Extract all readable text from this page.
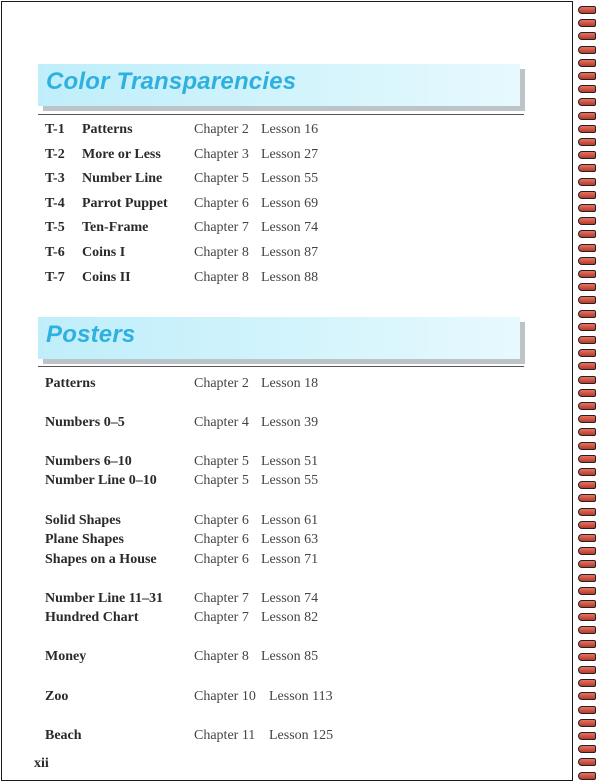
Color Transparencies
T-1 Patterns	Chapter 2 Lesson 16
T-2 More or Less Chapter 3 Lesson 27
T-3 Number Line Chapter 5 Lesson 55
T-4 Parrot Puppet Chapter 6 Lesson 69
T-5 Ten-Frame	Chapter 7 Lesson 74
T-6 Coins I	Chapter 8 Lesson 87
T-7 Coins II	Chapter 8 Lesson 88
Posters
Patterns	Chapter 2 Lesson 18
Numbers 0–5	Chapter 4 Lesson 39
Numbers 6–10	Chapter 5 Lesson 51
Number Line 0–10	Chapter 5 Lesson 55
Solid Shapes	Chapter 6 Lesson 61
Plane Shapes	Chapter 6 Lesson 63
Shapes on a House	Chapter 6 Lesson 71
Number Line 11–31 Chapter 7 Lesson 74
Hundred Chart	Chapter 7 Lesson 82
Money	Chapter 8 Lesson 85
Zoo	Chapter 10 Lesson 113
Beach	Chapter 11 Lesson 125
xii
